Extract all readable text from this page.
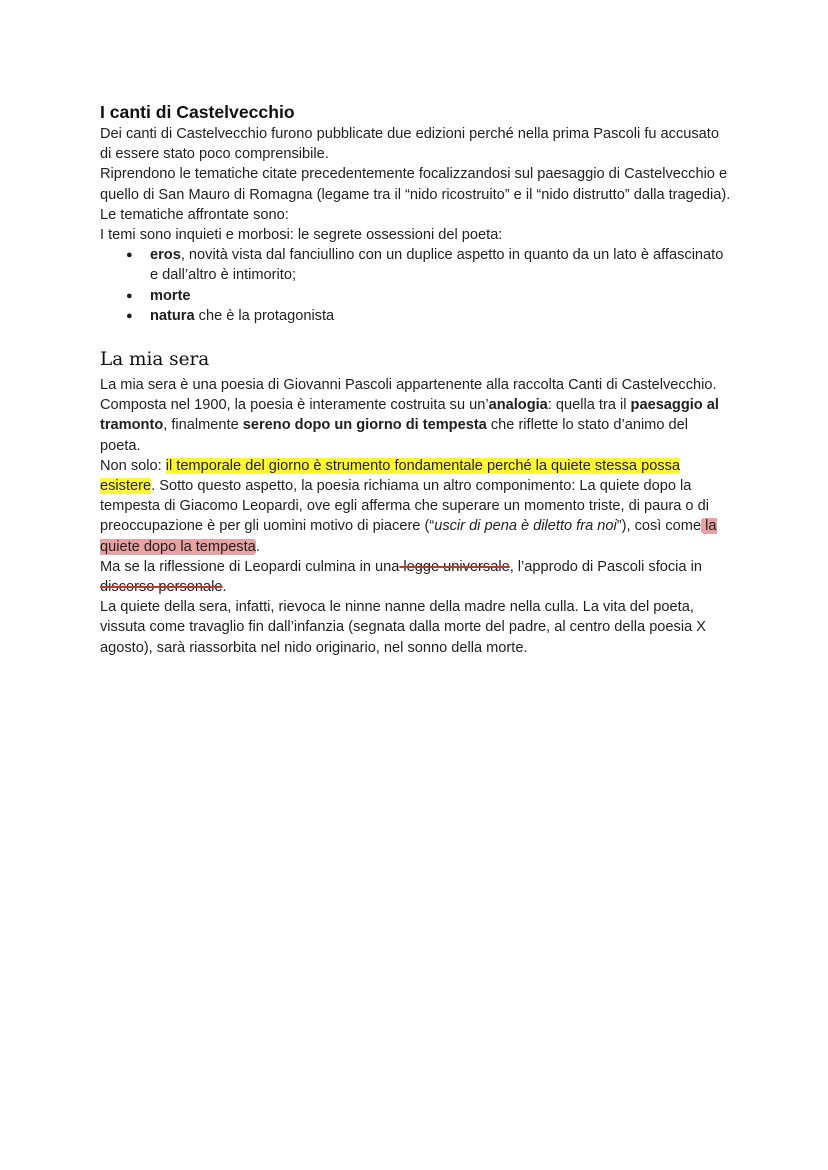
I canti di Castelvecchio

Dei canti di Castelvecchio furono pubblicate due edizioni perché nella prima Pascoli fu accusato di essere stato poco comprensibile.

Riprendono le tematiche citate precedentemente focalizzandosi sul paesaggio di Castelvecchio e quello di San Mauro di Romagna (legame tra il “nido ricostruito” e il “nido distrutto” dalla tragedia). Le tematiche affrontate sono:

I temi sono inquieti e morbosi: le segrete ossessioni del poeta:

● eros, novità vista dal fanciullino con un duplice aspetto in quanto da un lato è affascinato e dall’altro è intimorito;
● morte
● natura che è la protagonista
La mia sera

La mia sera è una poesia di Giovanni Pascoli appartenente alla raccolta Canti di Castelvecchio. Composta nel 1900, la poesia è interamente costruita su un’analogia: quella tra il paesaggio al tramonto, finalmente sereno dopo un giorno di tempesta che riflette lo stato d’animo del poeta.

Non solo: il temporale del giorno è strumento fondamentale perché la quiete stessa possa esistere. Sotto questo aspetto, la poesia richiama un altro componimento: La quiete dopo la tempesta di Giacomo Leopardi, ove egli afferma che superare un momento triste, di paura o di preoccupazione è per gli uomini motivo di piacere (“uscir di pena è diletto fra noi”), così come la quiete dopo la tempesta.

Ma se la riflessione di Leopardi culmina in una legge universale, l’approdo di Pascoli sfocia in discorso personale.

La quiete della sera, infatti, rievoca le ninne nanne della madre nella culla. La vita del poeta, vissuta come travaglio fin dall’infanzia (segnata dalla morte del padre, al centro della poesia X agosto), sarà riassorbita nel nido originario, nel sonno della morte.
